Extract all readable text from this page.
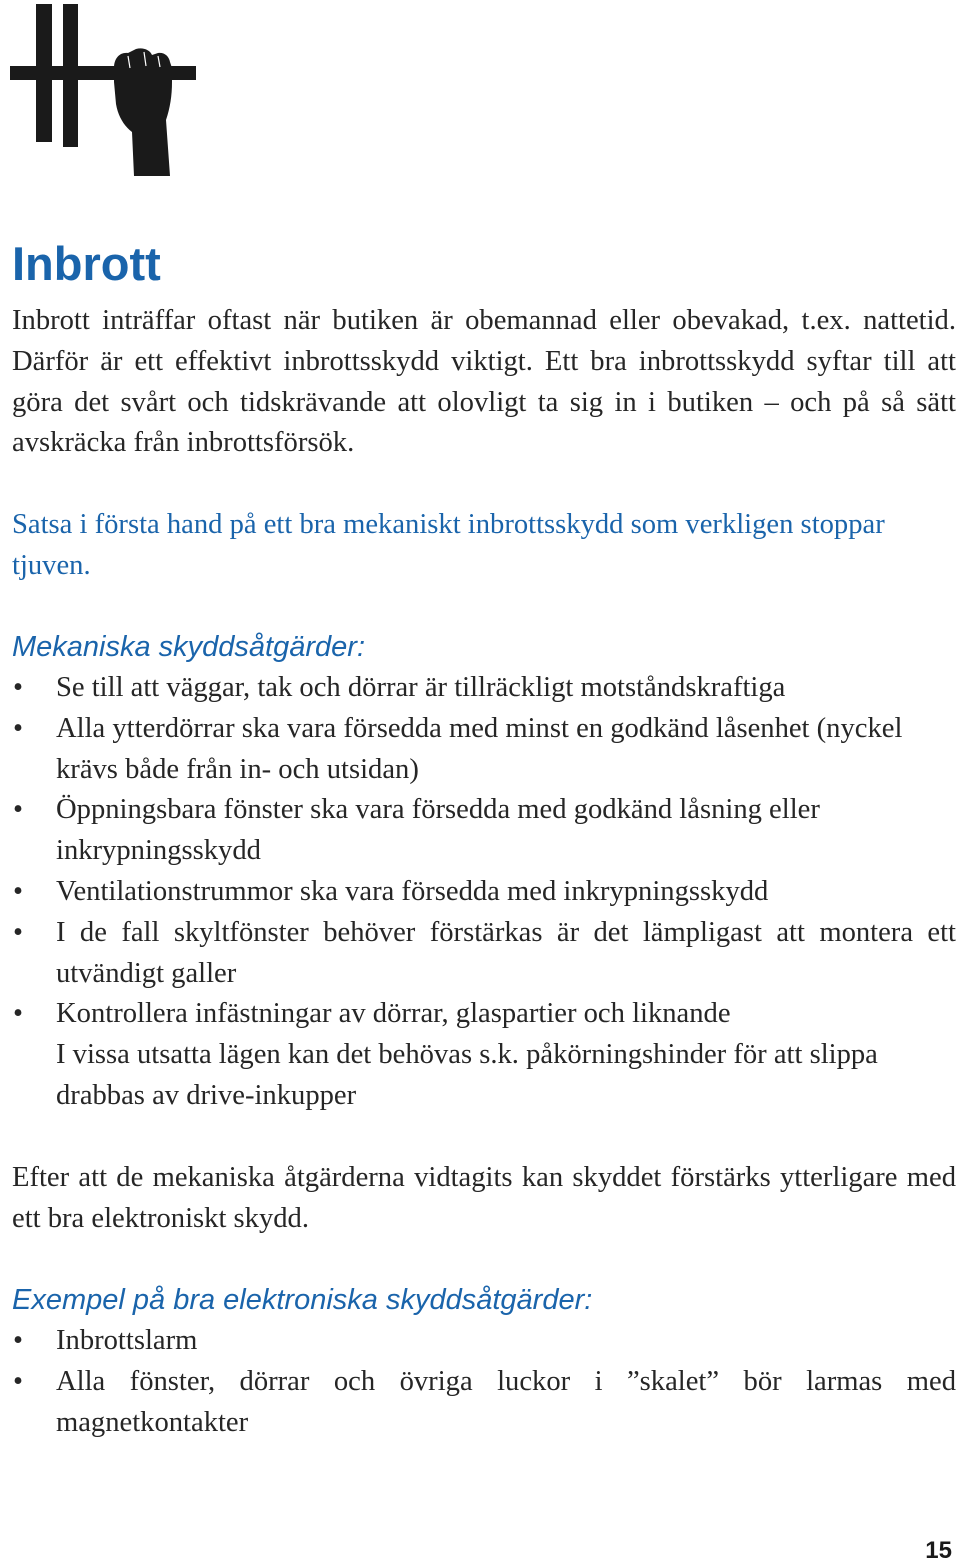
Inbrott

Inbrott inträffar oftast när butiken är obemannad eller obevakad, t.ex. nattetid. Därför är ett effektivt inbrottsskydd viktigt. Ett bra inbrottsskydd syftar till att göra det svårt och tidskrävande att olovligt ta sig in i butiken – och på så sätt avskräcka från inbrottsförsök.

Satsa i första hand på ett bra mekaniskt inbrottsskydd som verkligen stoppar tjuven.

Mekaniska skyddsåtgärder:
• Se till att väggar, tak och dörrar är tillräckligt motståndskraftiga
• Alla ytterdörrar ska vara försedda med minst en godkänd låsenhet (nyckel krävs både från in- och utsidan)
• Öppningsbara fönster ska vara försedda med godkänd låsning eller inkrypningsskydd
• Ventilationstrummor ska vara försedda med inkrypningsskydd
• I de fall skyltfönster behöver förstärkas är det lämpligast att montera ett utvändigt galler
• Kontrollera infästningar av dörrar, glaspartier och liknande
I vissa utsatta lägen kan det behövas s.k. påkörningshinder för att slippa drabbas av drive-inkupper

Efter att de mekaniska åtgärderna vidtagits kan skyddet förstärks ytterligare med ett bra elektroniskt skydd.

Exempel på bra elektroniska skyddsåtgärder:
• Inbrottslarm
• Alla fönster, dörrar och övriga luckor i ”skalet” bör larmas med magnetkontakter
15
